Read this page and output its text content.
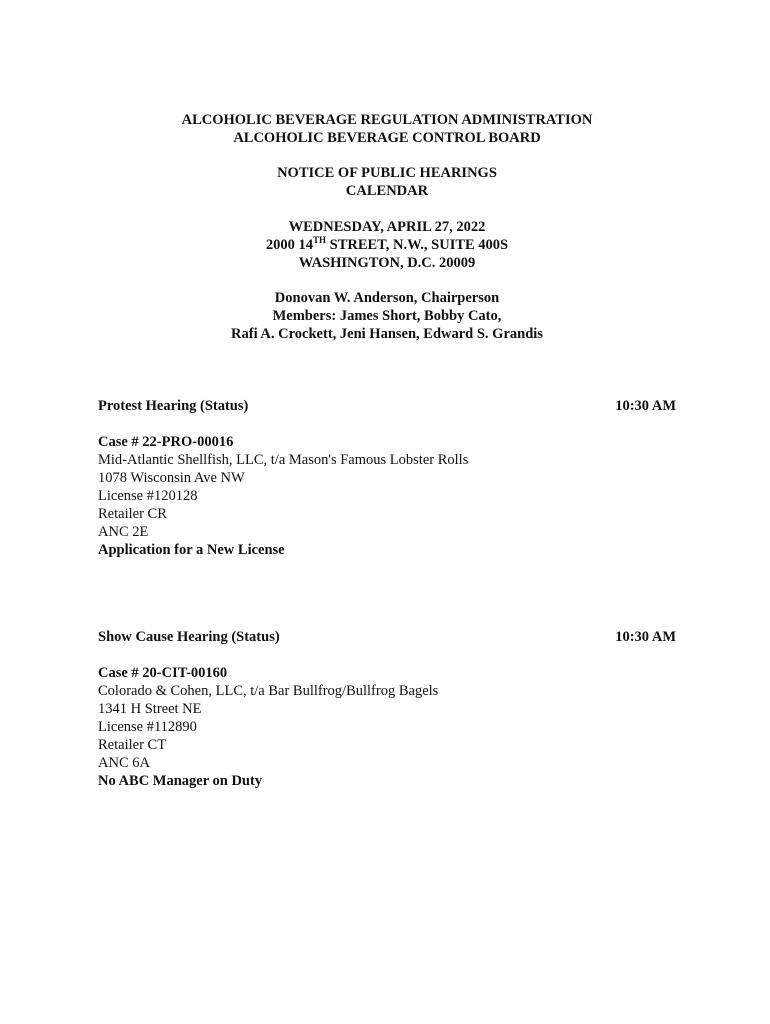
ALCOHOLIC BEVERAGE REGULATION ADMINISTRATION
ALCOHOLIC BEVERAGE CONTROL BOARD
NOTICE OF PUBLIC HEARINGS
CALENDAR
WEDNESDAY, APRIL 27, 2022
2000 14TH STREET, N.W., SUITE 400S
WASHINGTON, D.C. 20009
Donovan W. Anderson, Chairperson
Members: James Short, Bobby Cato,
Rafi A. Crockett, Jeni Hansen, Edward S. Grandis
Protest Hearing (Status)	10:30 AM
Case # 22-PRO-00016
Mid-Atlantic Shellfish, LLC, t/a Mason's Famous Lobster Rolls
1078 Wisconsin Ave NW
License #120128
Retailer CR
ANC 2E
Application for a New License
Show Cause Hearing (Status)	10:30 AM
Case # 20-CIT-00160
Colorado & Cohen, LLC, t/a Bar Bullfrog/Bullfrog Bagels
1341 H Street NE
License #112890
Retailer CT
ANC 6A
No ABC Manager on Duty
